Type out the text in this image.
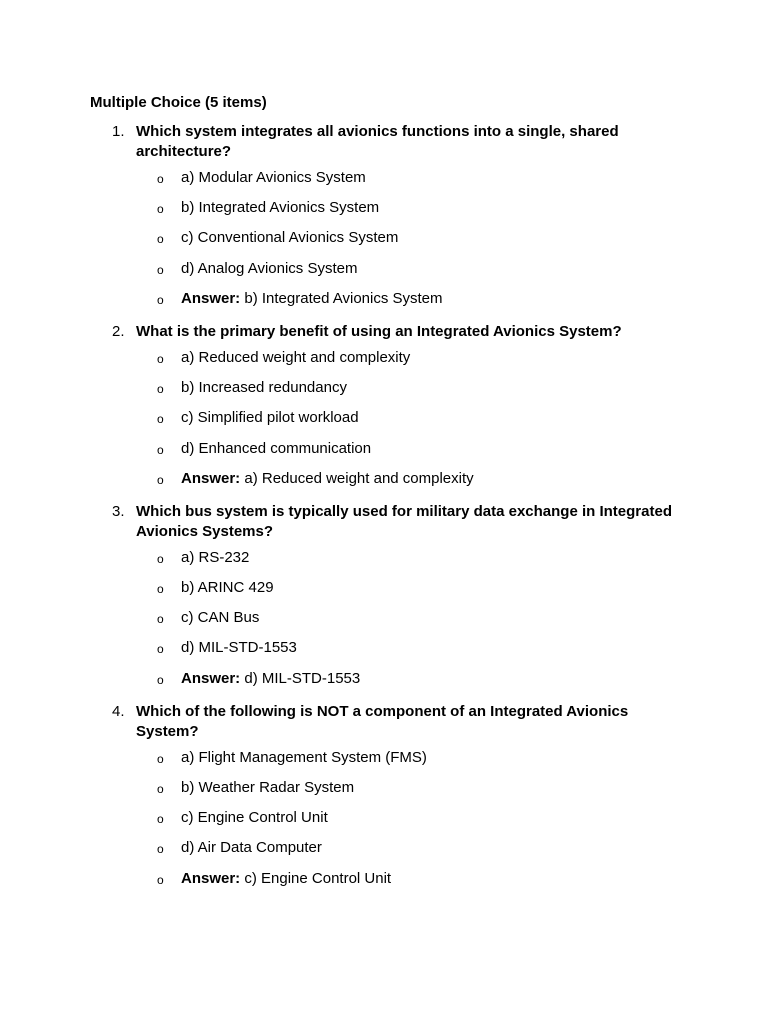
Multiple Choice (5 items)
1. Which system integrates all avionics functions into a single, shared architecture?
o a) Modular Avionics System
o b) Integrated Avionics System
o c) Conventional Avionics System
o d) Analog Avionics System
o Answer: b) Integrated Avionics System
2. What is the primary benefit of using an Integrated Avionics System?
o a) Reduced weight and complexity
o b) Increased redundancy
o c) Simplified pilot workload
o d) Enhanced communication
o Answer: a) Reduced weight and complexity
3. Which bus system is typically used for military data exchange in Integrated Avionics Systems?
o a) RS-232
o b) ARINC 429
o c) CAN Bus
o d) MIL-STD-1553
o Answer: d) MIL-STD-1553
4. Which of the following is NOT a component of an Integrated Avionics System?
o a) Flight Management System (FMS)
o b) Weather Radar System
o c) Engine Control Unit
o d) Air Data Computer
o Answer: c) Engine Control Unit
